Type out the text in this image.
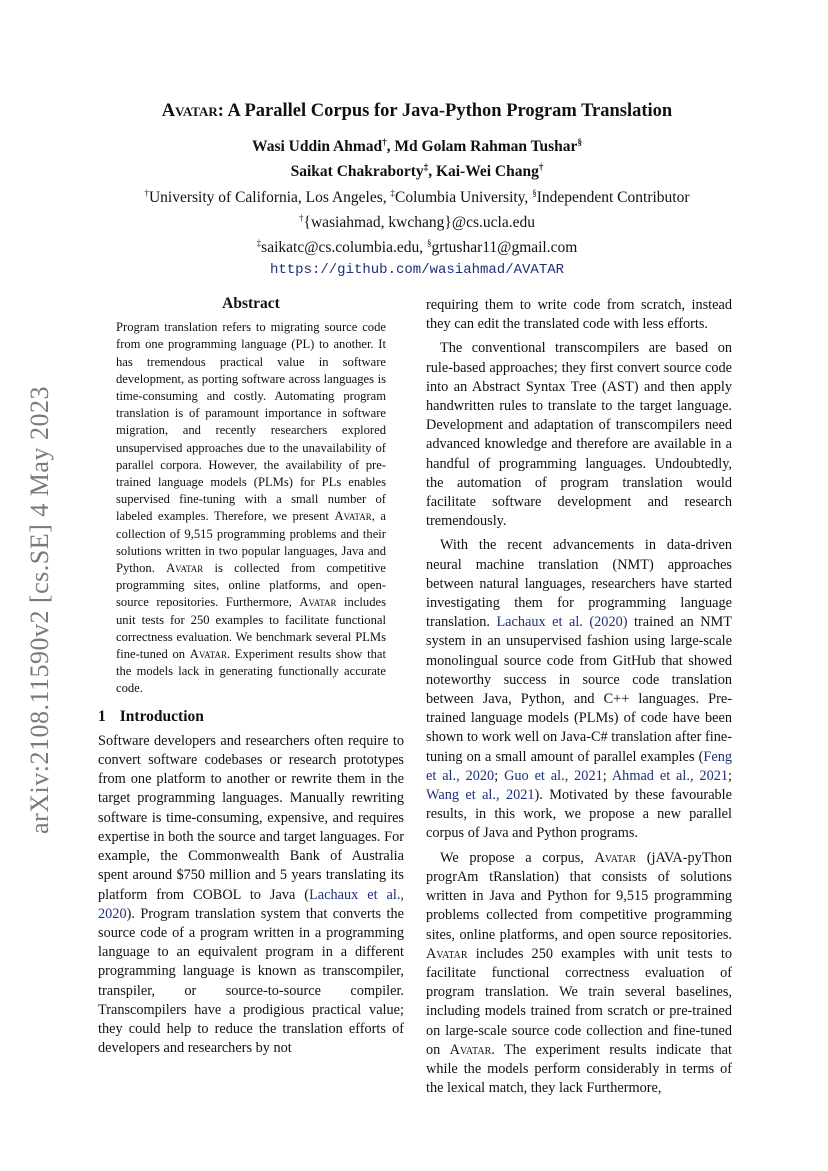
arXiv:2108.11590v2 [cs.SE] 4 May 2023
Avatar: A Parallel Corpus for Java-Python Program Translation
Wasi Uddin Ahmad†, Md Golam Rahman Tushar§
Saikat Chakraborty‡, Kai-Wei Chang†
†University of California, Los Angeles, ‡Columbia University, §Independent Contributor
†{wasiahmad, kwchang}@cs.ucla.edu
‡saikatc@cs.columbia.edu, §grtushar11@gmail.com
https://github.com/wasiahmad/AVATAR
Abstract
Program translation refers to migrating source code from one programming language (PL) to another. It has tremendous practical value in software development, as porting software across languages is time-consuming and costly. Automating program translation is of paramount importance in software migration, and recently researchers explored unsupervised approaches due to the unavailability of parallel corpora. However, the availability of pre-trained language models (PLMs) for PLs enables supervised fine-tuning with a small number of labeled examples. Therefore, we present Avatar, a collection of 9,515 programming problems and their solutions written in two popular languages, Java and Python. Avatar is collected from competitive programming sites, online platforms, and open-source repositories. Furthermore, Avatar includes unit tests for 250 examples to facilitate functional correctness evaluation. We benchmark several PLMs fine-tuned on Avatar. Experiment results show that the models lack in generating functionally accurate code.
1 Introduction

Software developers and researchers often require to convert software codebases or research prototypes from one platform to another or rewrite them in the target programming languages. Manually rewriting software is time-consuming, expensive, and requires expertise in both the source and target languages. For example, the Commonwealth Bank of Australia spent around $750 million and 5 years translating its platform from COBOL to Java (Lachaux et al., 2020). Program translation system that converts the source code of a program written in a programming language to an equivalent program in a different programming language is known as transcompiler, transpiler, or source-to-source compiler. Transcompilers have a prodigious practical value; they could help to reduce the translation efforts of developers and researchers by not

requiring them to write code from scratch, instead they can edit the translated code with less efforts.

The conventional transcompilers are based on rule-based approaches; they first convert source code into an Abstract Syntax Tree (AST) and then apply handwritten rules to translate to the target language. Development and adaptation of transcompilers need advanced knowledge and therefore are available in a handful of programming languages. Undoubtedly, the automation of program translation would facilitate software development and research tremendously.

With the recent advancements in data-driven neural machine translation (NMT) approaches between natural languages, researchers have started investigating them for programming language translation. Lachaux et al. (2020) trained an NMT system in an unsupervised fashion using large-scale monolingual source code from GitHub that showed noteworthy success in source code translation between Java, Python, and C++ languages. Pre-trained language models (PLMs) of code have been shown to work well on Java-C# translation after fine-tuning on a small amount of parallel examples (Feng et al., 2020; Guo et al., 2021; Ahmad et al., 2021; Wang et al., 2021). Motivated by these favourable results, in this work, we propose a new parallel corpus of Java and Python programs.

We propose a corpus, Avatar (jAVA-pyThon progrAm tRanslation) that consists of solutions written in Java and Python for 9,515 programming problems collected from competitive programming sites, online platforms, and open source repositories. Avatar includes 250 examples with unit tests to facilitate functional correctness evaluation of program translation. We train several baselines, including models trained from scratch or pre-trained on large-scale source code collection and fine-tuned on Avatar. The experiment results indicate that while the models perform considerably in terms of the lexical match, they lack Furthermore,
